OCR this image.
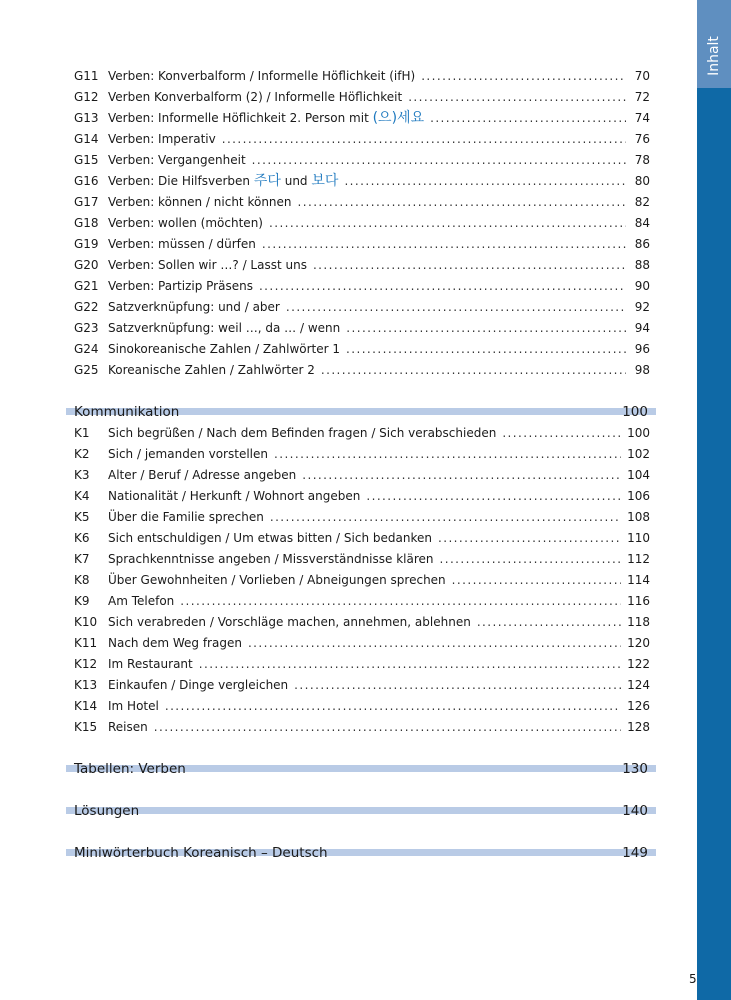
Inhalt
G11 Verben: Konverbalform / Informelle Höflichkeit (ifH) . . .	70
G12 Verben Konverbalform (2) / Informelle Höflichkeit . . .	72
G13 Verben: Informelle Höflichkeit 2. Person mit (으)세요 . . .	74
G14 Verben: Imperativ . . .	76
G15 Verben: Vergangenheit . . .	78
G16 Verben: Die Hilfsverben 주다 und 보다 . . .	80
G17 Verben: können / nicht können . . .	82
G18 Verben: wollen (möchten) . . .	84
G19 Verben: müssen / dürfen . . .	86
G20 Verben: Sollen wir …? / Lasst uns . . .	88
G21 Verben: Partizip Präsens . . .	90
G22 Satzverknüpfung: und / aber . . .	92
G23 Satzverknüpfung: weil …, da … / wenn . . .	94
G24 Sinokoreanische Zahlen / Zahlwörter 1 . . .	96
G25 Koreanische Zahlen / Zahlwörter 2 . . .	98
Kommunikation	100
K1	Sich begrüßen / Nach dem Befinden fragen / Sich verabschieden . . .	100
K2	Sich / jemanden vorstellen . . .	102
K3	Alter / Beruf / Adresse angeben . . .	104
K4	Nationalität / Herkunft / Wohnort angeben . . .	106
K5	Über die Familie sprechen . . .	108
K6	Sich entschuldigen / Um etwas bitten / Sich bedanken . . .	110
K7	Sprachkenntnisse angeben / Missverständnisse klären . . .	112
K8	Über Gewohnheiten / Vorlieben / Abneigungen sprechen . . .	114
K9	Am Telefon . . .	116
K10 Sich verabreden / Vorschläge machen, annehmen, ablehnen . . .	118
K11 Nach dem Weg fragen . . .	120
K12 Im Restaurant . . .	122
K13 Einkaufen / Dinge vergleichen . . .	124
K14 Im Hotel . . .	126
K15 Reisen . . .	128
Tabellen: Verben	130
Lösungen	140
Miniwörterbuch Koreanisch – Deutsch	149
5
